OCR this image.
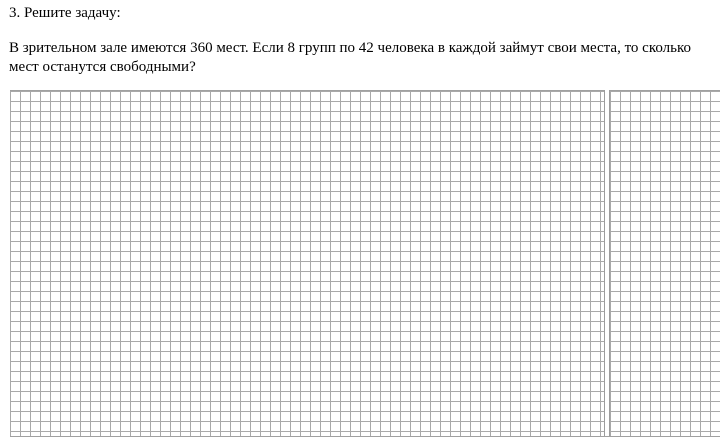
3. Решите задачу:
В зрительном зале имеются 360 мест. Если 8 групп по 42 человека в каждой займут свои места, то сколько
мест останутся свободными?
